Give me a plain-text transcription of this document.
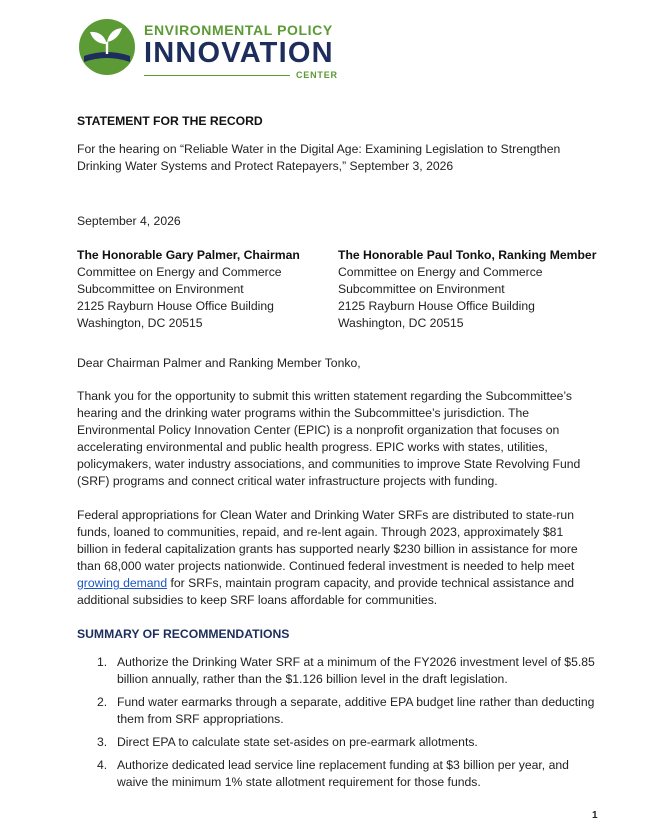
ENVIRONMENTAL POLICY
INNOVATION
CENTER
STATEMENT FOR THE RECORD
For the hearing on “Reliable Water in the Digital Age: Examining Legislation to Strengthen Drinking Water Systems and Protect Ratepayers,” September 3, 2026
September 4, 2026
The Honorable Gary Palmer, Chairman
Committee on Energy and Commerce
Subcommittee on Environment
2125 Rayburn House Office Building
Washington, DC 20515
The Honorable Paul Tonko, Ranking Member
Committee on Energy and Commerce
Subcommittee on Environment
2125 Rayburn House Office Building
Washington, DC 20515
Dear Chairman Palmer and Ranking Member Tonko,
Thank you for the opportunity to submit this written statement regarding the Subcommittee’s hearing and the drinking water programs within the Subcommittee’s jurisdiction. The Environmental Policy Innovation Center (EPIC) is a nonprofit organization that focuses on accelerating environmental and public health progress. EPIC works with states, utilities, policymakers, water industry associations, and communities to improve State Revolving Fund (SRF) programs and connect critical water infrastructure projects with funding.
Federal appropriations for Clean Water and Drinking Water SRFs are distributed to state-run funds, loaned to communities, repaid, and re-lent again. Through 2023, approximately $81 billion in federal capitalization grants has supported nearly $230 billion in assistance for more than 68,000 water projects nationwide. Continued federal investment is needed to help meet growing demand for SRFs, maintain program capacity, and provide technical assistance and additional subsidies to keep SRF loans affordable for communities.
SUMMARY OF RECOMMENDATIONS
1. Authorize the Drinking Water SRF at a minimum of the FY2026 investment level of $5.85 billion annually, rather than the $1.126 billion level in the draft legislation.
2. Fund water earmarks through a separate, additive EPA budget line rather than deducting them from SRF appropriations.
3. Direct EPA to calculate state set-asides on pre-earmark allotments.
4. Authorize dedicated lead service line replacement funding at $3 billion per year, and waive the minimum 1% state allotment requirement for those funds.
1
